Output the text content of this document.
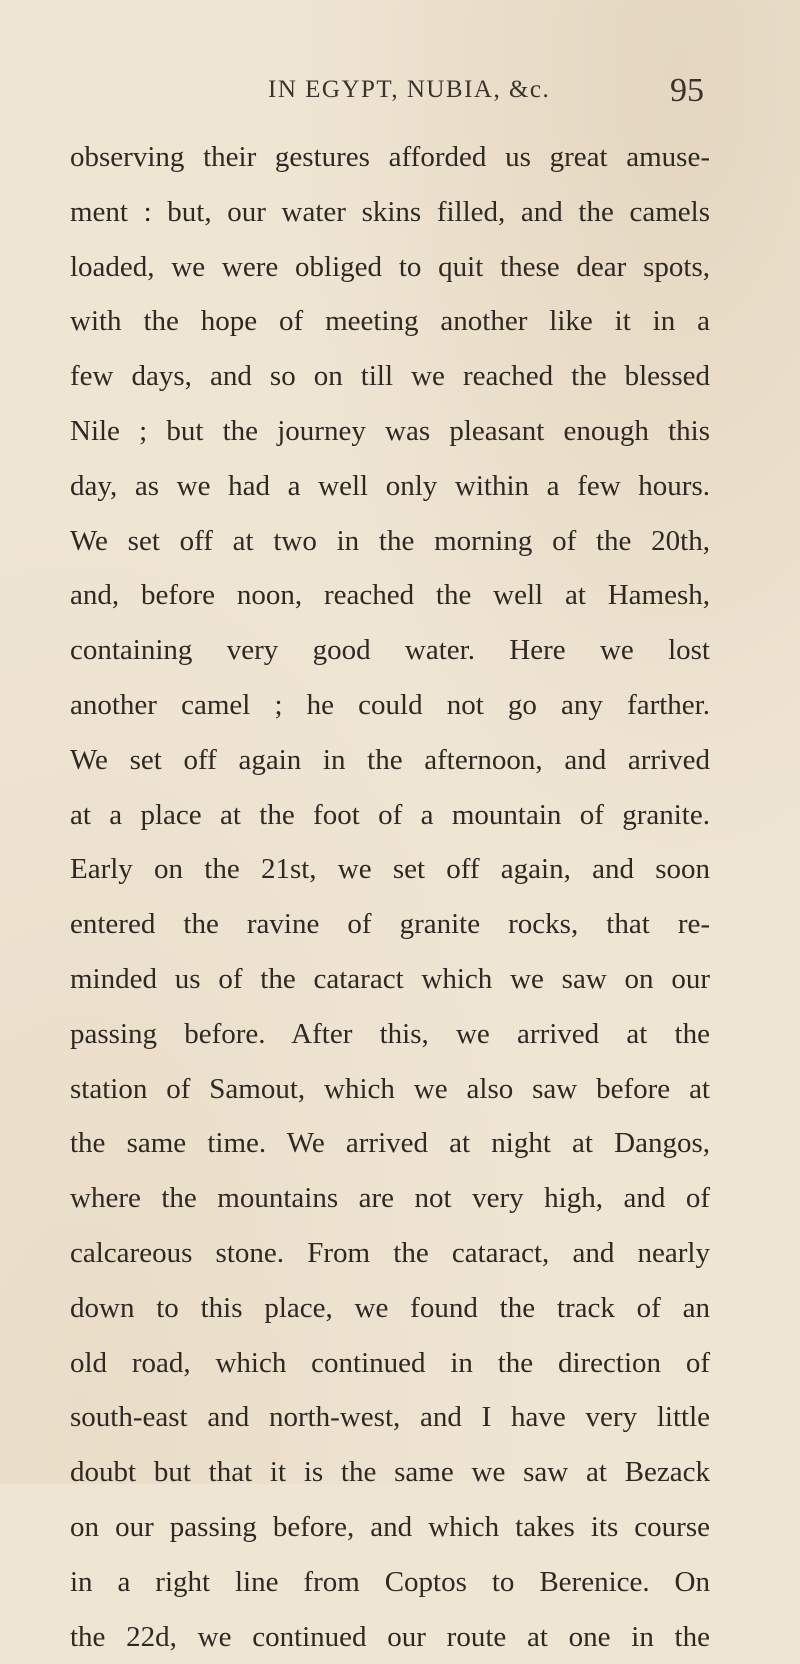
IN EGYPT, NUBIA, &c.	95
observing their gestures afforded us great amuse-
ment : but, our water skins filled, and the camels
loaded, we were obliged to quit these dear spots,
with the hope of meeting another like it in a
few days, and so on till we reached the blessed
Nile ; but the journey was pleasant enough this
day, as we had a well only within a few hours.
We set off at two in the morning of the 20th,
and, before noon, reached the well at Hamesh,
containing very good water. Here we lost
another camel ; he could not go any farther.
We set off again in the afternoon, and arrived
at a place at the foot of a mountain of granite.
Early on the 21st, we set off again, and soon
entered the ravine of granite rocks, that re-
minded us of the cataract which we saw on our
passing before. After this, we arrived at the
station of Samout, which we also saw before at
the same time. We arrived at night at Dangos,
where the mountains are not very high, and of
calcareous stone. From the cataract, and nearly
down to this place, we found the track of an
old road, which continued in the direction of
south-east and north-west, and I have very little
doubt but that it is the same we saw at Bezack
on our passing before, and which takes its course
in a right line from Coptos to Berenice. On
the 22d, we continued our route at one in the
